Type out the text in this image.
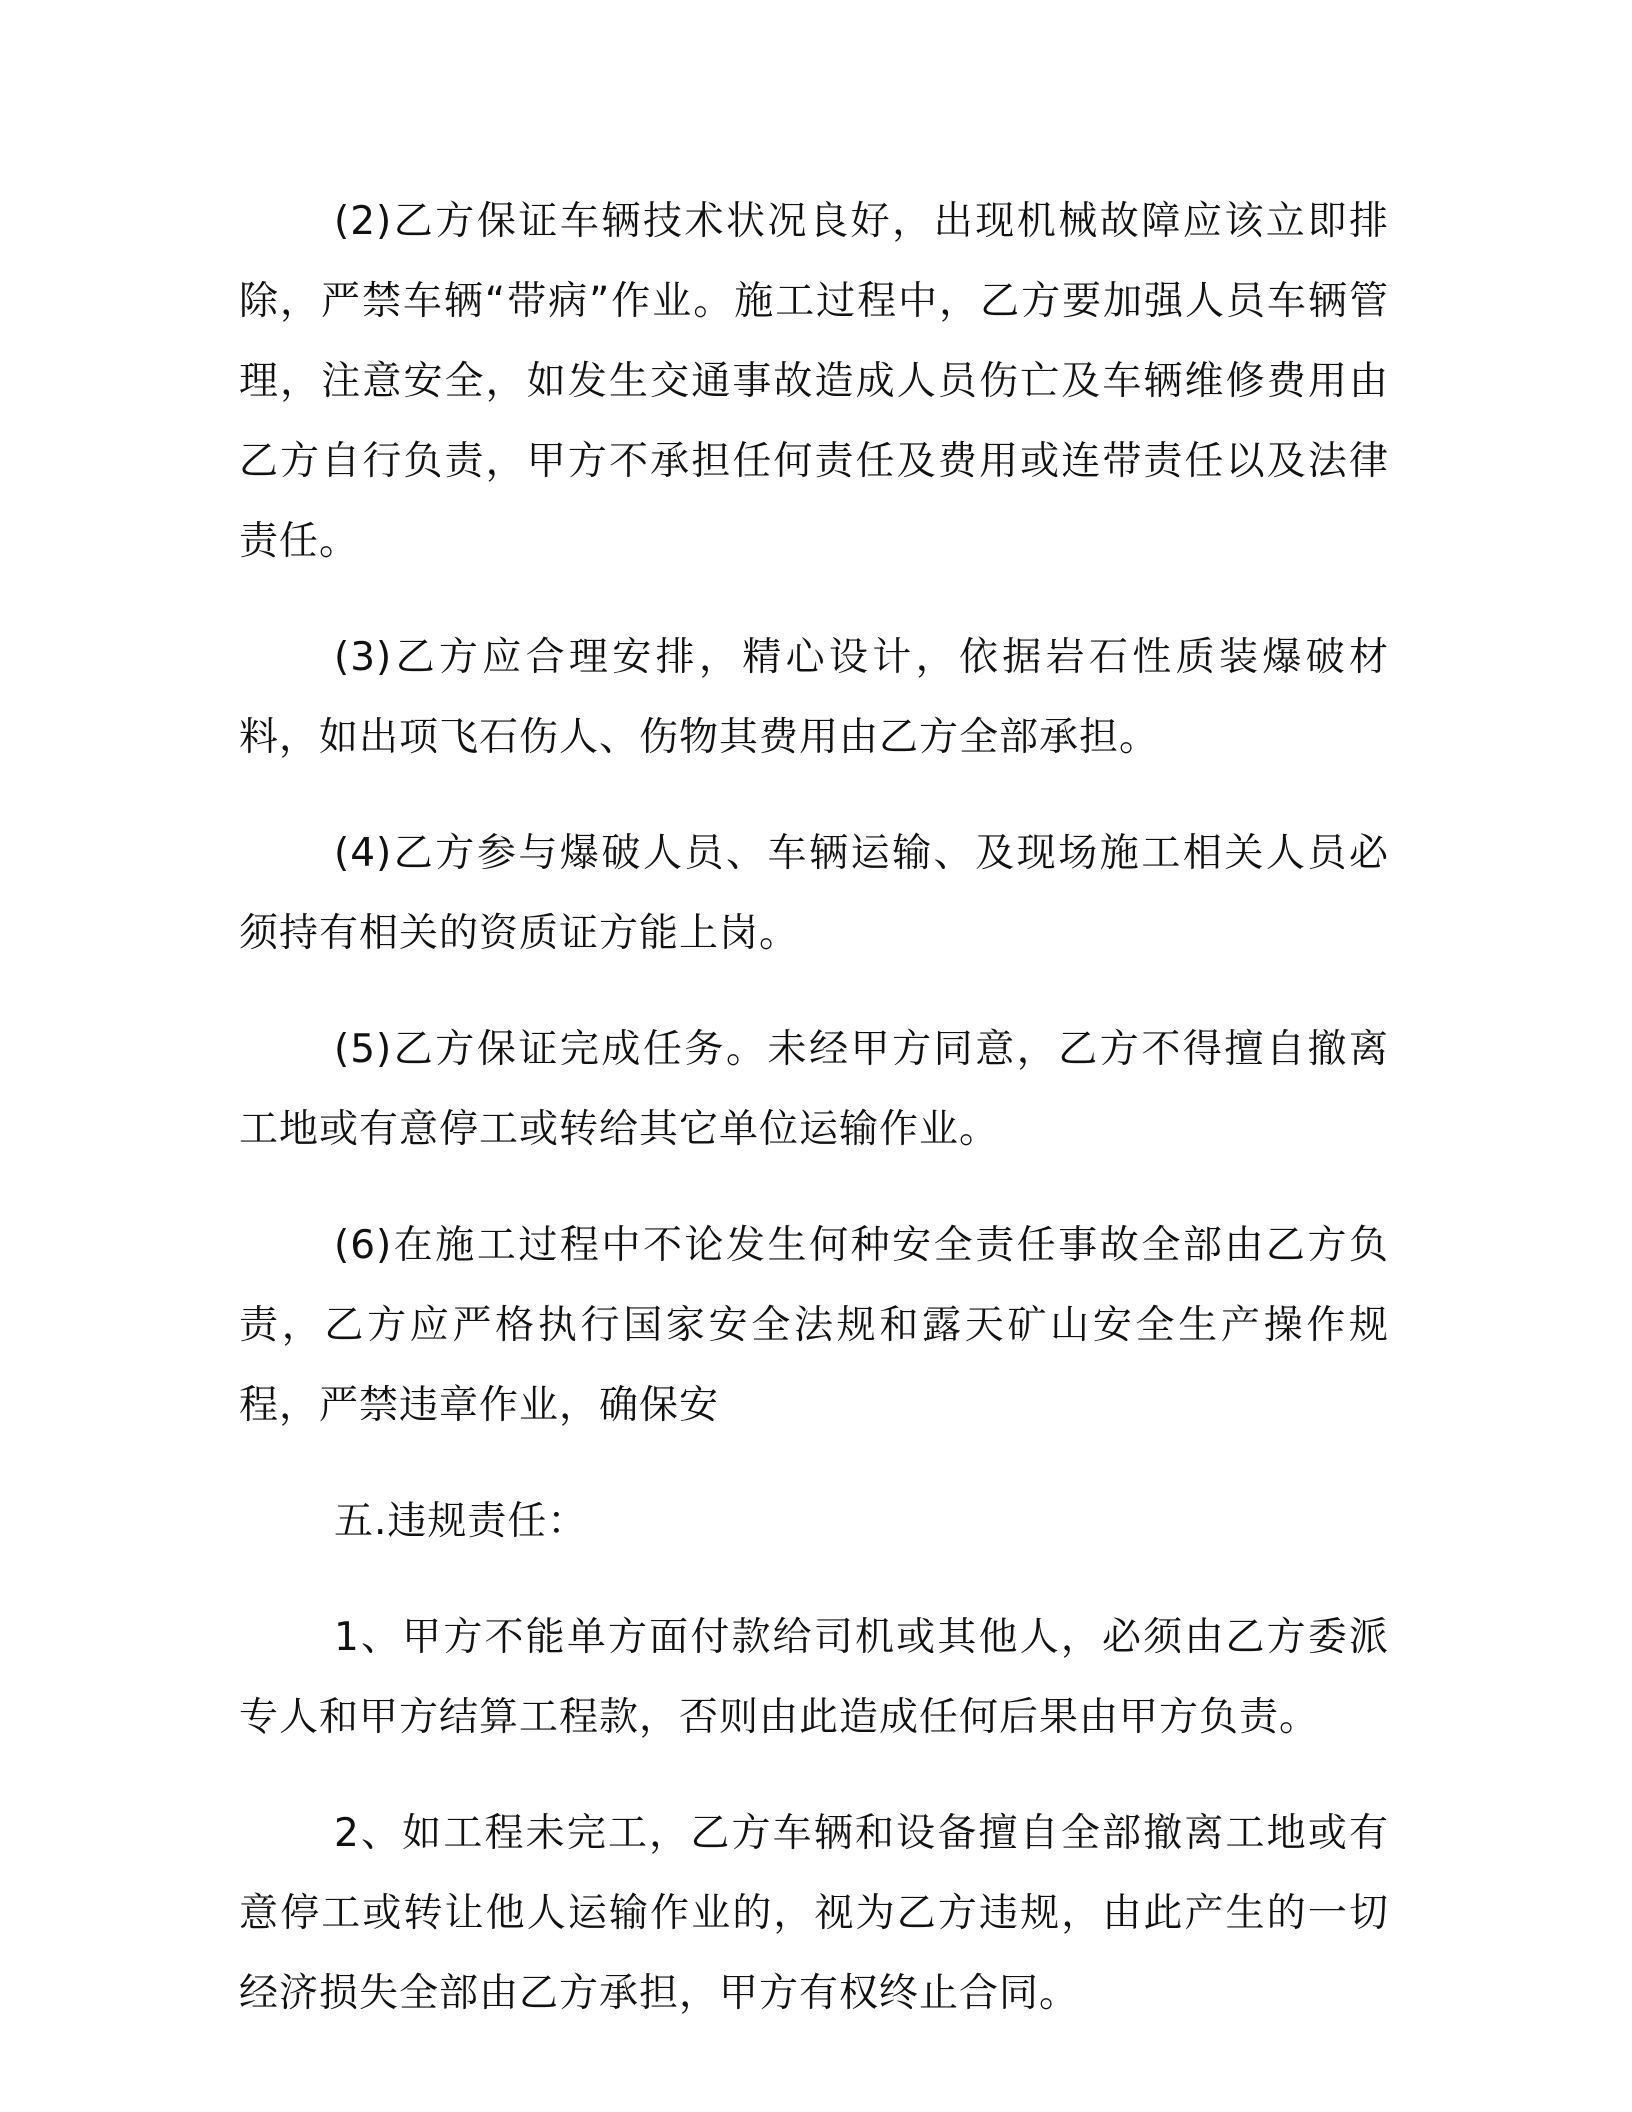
(2)乙方保证车辆技术状况良好，出现机械故障应该立即排除，严禁车辆“带病”作业。施工过程中，乙方要加强人员车辆管理，注意安全，如发生交通事故造成人员伤亡及车辆维修费用由乙方自行负责，甲方不承担任何责任及费用或连带责任以及法律责任。

(3)乙方应合理安排，精心设计，依据岩石性质装爆破材料，如出项飞石伤人、伤物其费用由乙方全部承担。

(4)乙方参与爆破人员、车辆运输、及现场施工相关人员必须持有相关的资质证方能上岗。

(5)乙方保证完成任务。未经甲方同意，乙方不得擅自撤离工地或有意停工或转给其它单位运输作业。

(6)在施工过程中不论发生何种安全责任事故全部由乙方负责，乙方应严格执行国家安全法规和露天矿山安全生产操作规程，严禁违章作业，确保安

五.违规责任：

1、甲方不能单方面付款给司机或其他人，必须由乙方委派专人和甲方结算工程款，否则由此造成任何后果由甲方负责。

2、如工程未完工，乙方车辆和设备擅自全部撤离工地或有意停工或转让他人运输作业的，视为乙方违规，由此产生的一切经济损失全部由乙方承担，甲方有权终止合同。
